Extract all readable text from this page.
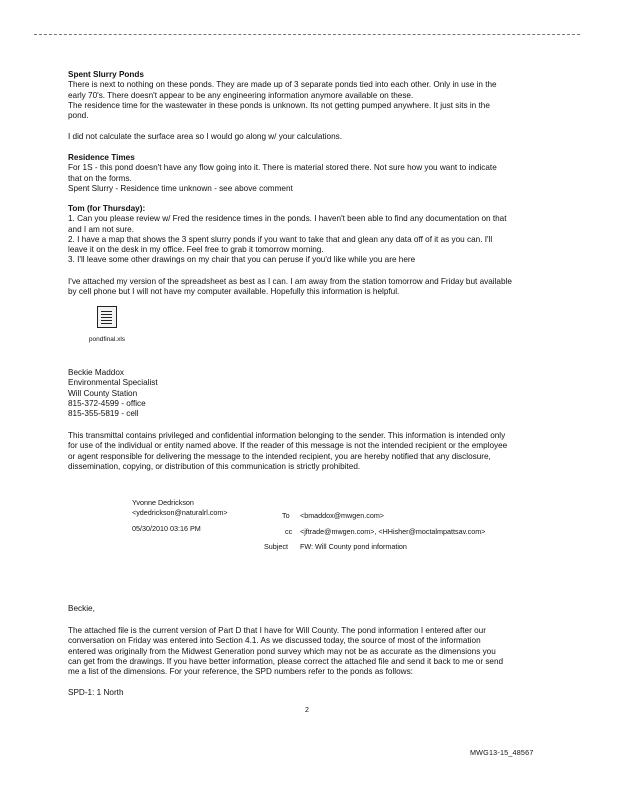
Spent Slurry Ponds
There is next to nothing on these ponds. They are made up of 3 separate ponds tied into each other. Only in use in the
early 70's. There doesn't appear to be any engineering information anymore available on these.
The residence time for the wastewater in these ponds is unknown. Its not getting pumped anywhere. It just sits in the
pond.
I did not calculate the surface area so I would go along w/ your calculations.
Residence Times
For 1S - this pond doesn't have any flow going into it. There is material stored there. Not sure how you want to indicate
that on the forms.
Spent Slurry - Residence time unknown - see above comment
Tom (for Thursday):
1. Can you please review w/ Fred the residence times in the ponds. I haven't been able to find any documentation on that
and I am not sure.
2. I have a map that shows the 3 spent slurry ponds if you want to take that and glean any data off of it as you can. I'll
leave it on the desk in my office. Feel free to grab it tomorrow morning.
3. I'll leave some other drawings on my chair that you can peruse if you'd like while you are here
I've attached my version of the spreadsheet as best as I can. I am away from the station tomorrow and Friday but available
by cell phone but I will not have my computer available. Hopefully this information is helpful.
pondfinal.xls
Beckie Maddox
Environmental Specialist
Will County Station
815-372-4599 - office
815-355-5819 - cell
This transmittal contains privileged and confidential information belonging to the sender. This information is intended only
for use of the individual or entity named above. If the reader of this message is not the intended recipient or the employee
or agent responsible for delivering the message to the intended recipient, you are hereby notified that any disclosure,
dissemination, copying, or distribution of this communication is strictly prohibited.
Yvonne Dedrickson
<ydedrickson@naturalrl.com>
05/30/2010 03:16 PM
To <bmaddox@mwgen.com>
cc <jftrade@mwgen.com>, <HHisher@moctalmpattsav.com>
Subject FW: Will County pond information
Beckie,
The attached file is the current version of Part D that I have for Will County. The pond information I entered after our
conversation on Friday was entered into Section 4.1. As we discussed today, the source of most of the information
entered was originally from the Midwest Generation pond survey which may not be as accurate as the dimensions you
can get from the drawings. If you have better information, please correct the attached file and send it back to me or send
me a list of the dimensions. For your reference, the SPD numbers refer to the ponds as follows:
SPD-1: 1 North
2
MWG13-15_48567
